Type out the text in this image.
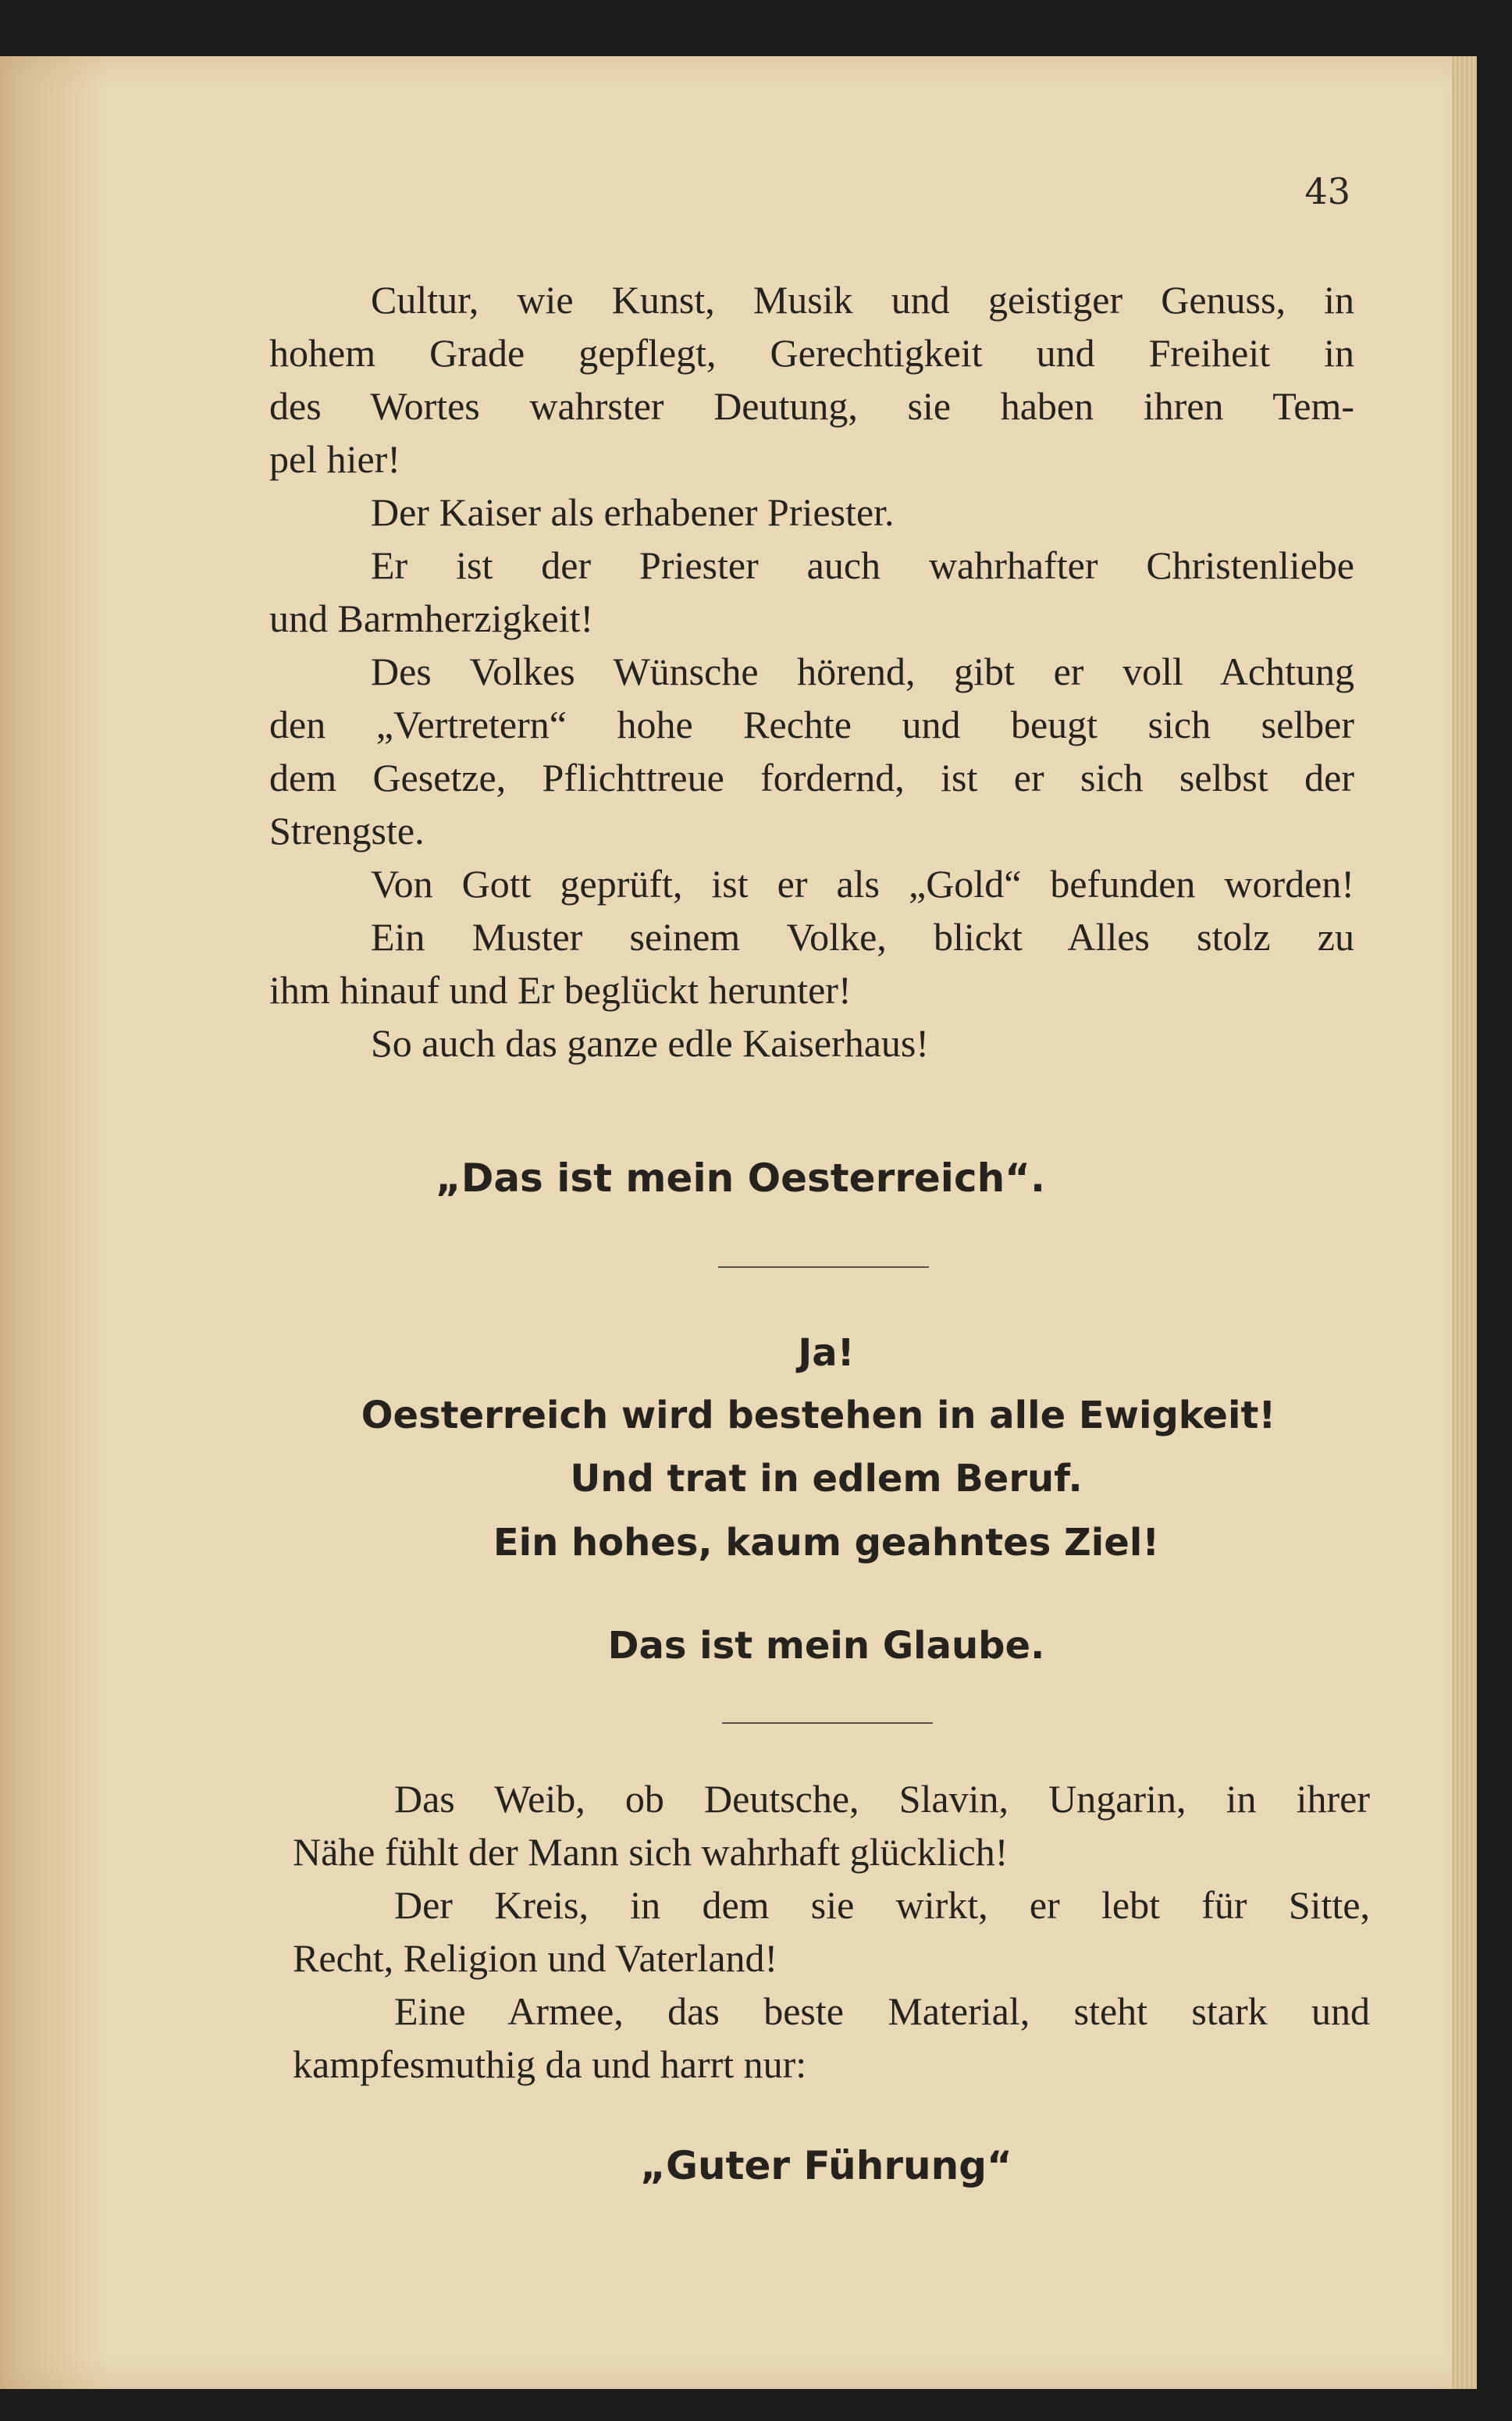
43
Cultur, wie Kunst, Musik und geistiger Genuss, in
hohem Grade gepflegt, Gerechtigkeit und Freiheit in
des Wortes wahrster Deutung, sie haben ihren Tem-
pel hier!
Der Kaiser als erhabener Priester.
Er ist der Priester auch wahrhafter Christenliebe
und Barmherzigkeit!
Des Volkes Wünsche hörend, gibt er voll Achtung
den „Vertretern“ hohe Rechte und beugt sich selber
dem Gesetze, Pflichttreue fordernd, ist er sich selbst der
Strengste.
Von Gott geprüft, ist er als „Gold“ befunden worden!
Ein Muster seinem Volke, blickt Alles stolz zu
ihm hinauf und Er beglückt herunter!
So auch das ganze edle Kaiserhaus!
„Das ist mein Oesterreich“.
Ja!
Oesterreich wird bestehen in alle Ewigkeit!
Und trat in edlem Beruf.
Ein hohes, kaum geahntes Ziel!
Das ist mein Glaube.
Das Weib, ob Deutsche, Slavin, Ungarin, in ihrer
Nähe fühlt der Mann sich wahrhaft glücklich!
Der Kreis, in dem sie wirkt, er lebt für Sitte,
Recht, Religion und Vaterland!
Eine Armee, das beste Material, steht stark und
kampfesmuthig da und harrt nur:
„Guter Führung“
